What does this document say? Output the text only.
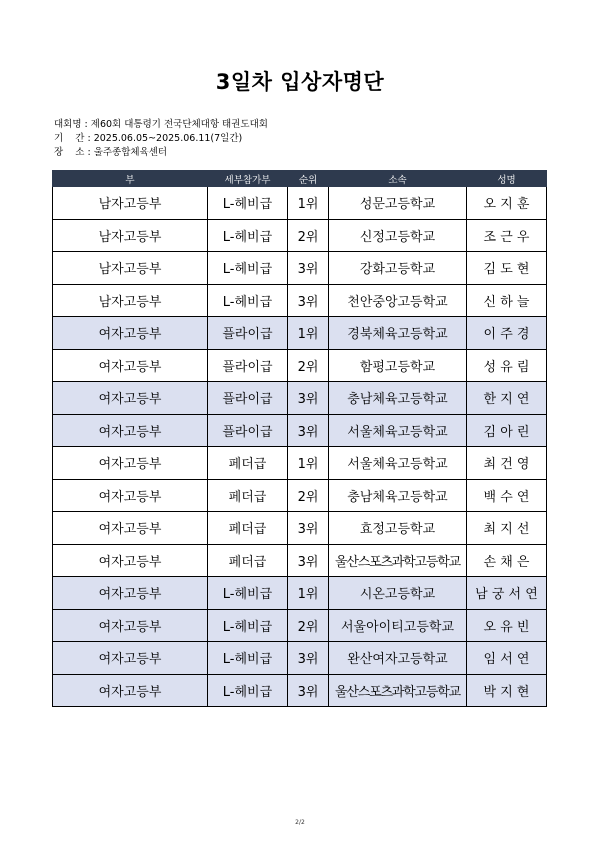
3일차 입상자명단
대회명 : 제60회 대통령기 전국단체대항 태권도대회
기    간 : 2025.06.05~2025.06.11(7일간)
장    소 : 울주종합체육센터
부	세부참가부	순위	소속	성명
남자고등부	L-헤비급	1위	성문고등학교	오 지 훈
남자고등부	L-헤비급	2위	신정고등학교	조 근 우
남자고등부	L-헤비급	3위	강화고등학교	김 도 현
남자고등부	L-헤비급	3위	천안중앙고등학교	신 하 늘
여자고등부	플라이급	1위	경북체육고등학교	이 주 경
여자고등부	플라이급	2위	함평고등학교	성 유 림
여자고등부	플라이급	3위	충남체육고등학교	한 지 연
여자고등부	플라이급	3위	서울체육고등학교	김 아 린
여자고등부	페더급	1위	서울체육고등학교	최 건 영
여자고등부	페더급	2위	충남체육고등학교	백 수 연
여자고등부	페더급	3위	효정고등학교	최 지 선
여자고등부	페더급	3위	울산스포츠과학고등학교	손 채 은
여자고등부	L-헤비급	1위	시온고등학교	남 궁 서 연
여자고등부	L-헤비급	2위	서울아이티고등학교	오 유 빈
여자고등부	L-헤비급	3위	완산여자고등학교	임 서 연
여자고등부	L-헤비급	3위	울산스포츠과학고등학교	박 지 현
2/2
